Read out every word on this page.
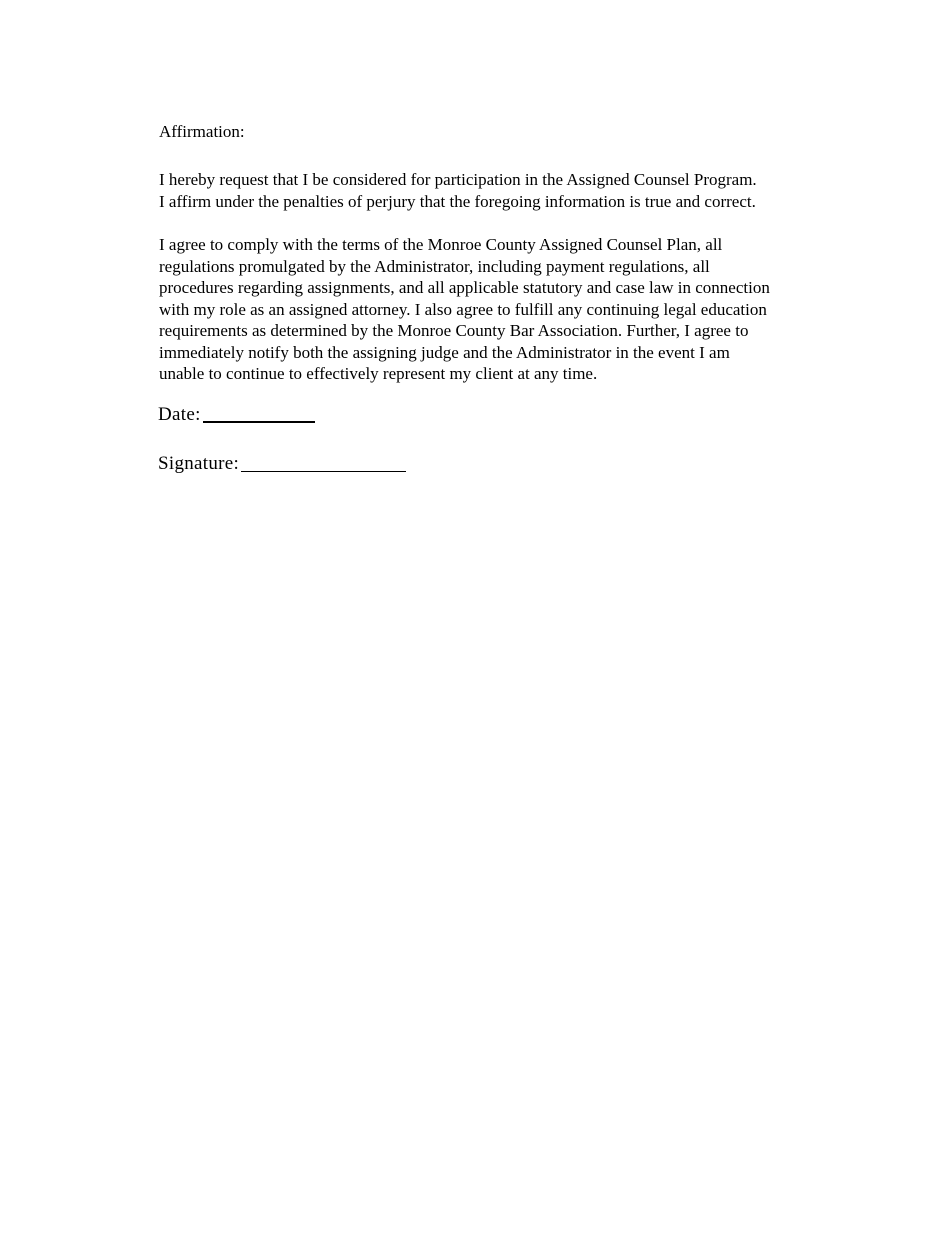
Affirmation:
I hereby request that I be considered for participation in the Assigned Counsel Program.
I affirm under the penalties of perjury that the foregoing information is true and correct.
I agree to comply with the terms of the Monroe County Assigned Counsel Plan, all
regulations promulgated by the Administrator, including payment regulations, all
procedures regarding assignments, and all applicable statutory and case law in connection
with my role as an assigned attorney. I also agree to fulfill any continuing legal education
requirements as determined by the Monroe County Bar Association. Further, I agree to
immediately notify both the assigning judge and the Administrator in the event I am
unable to continue to effectively represent my client at any time.
Date:
Signature:
